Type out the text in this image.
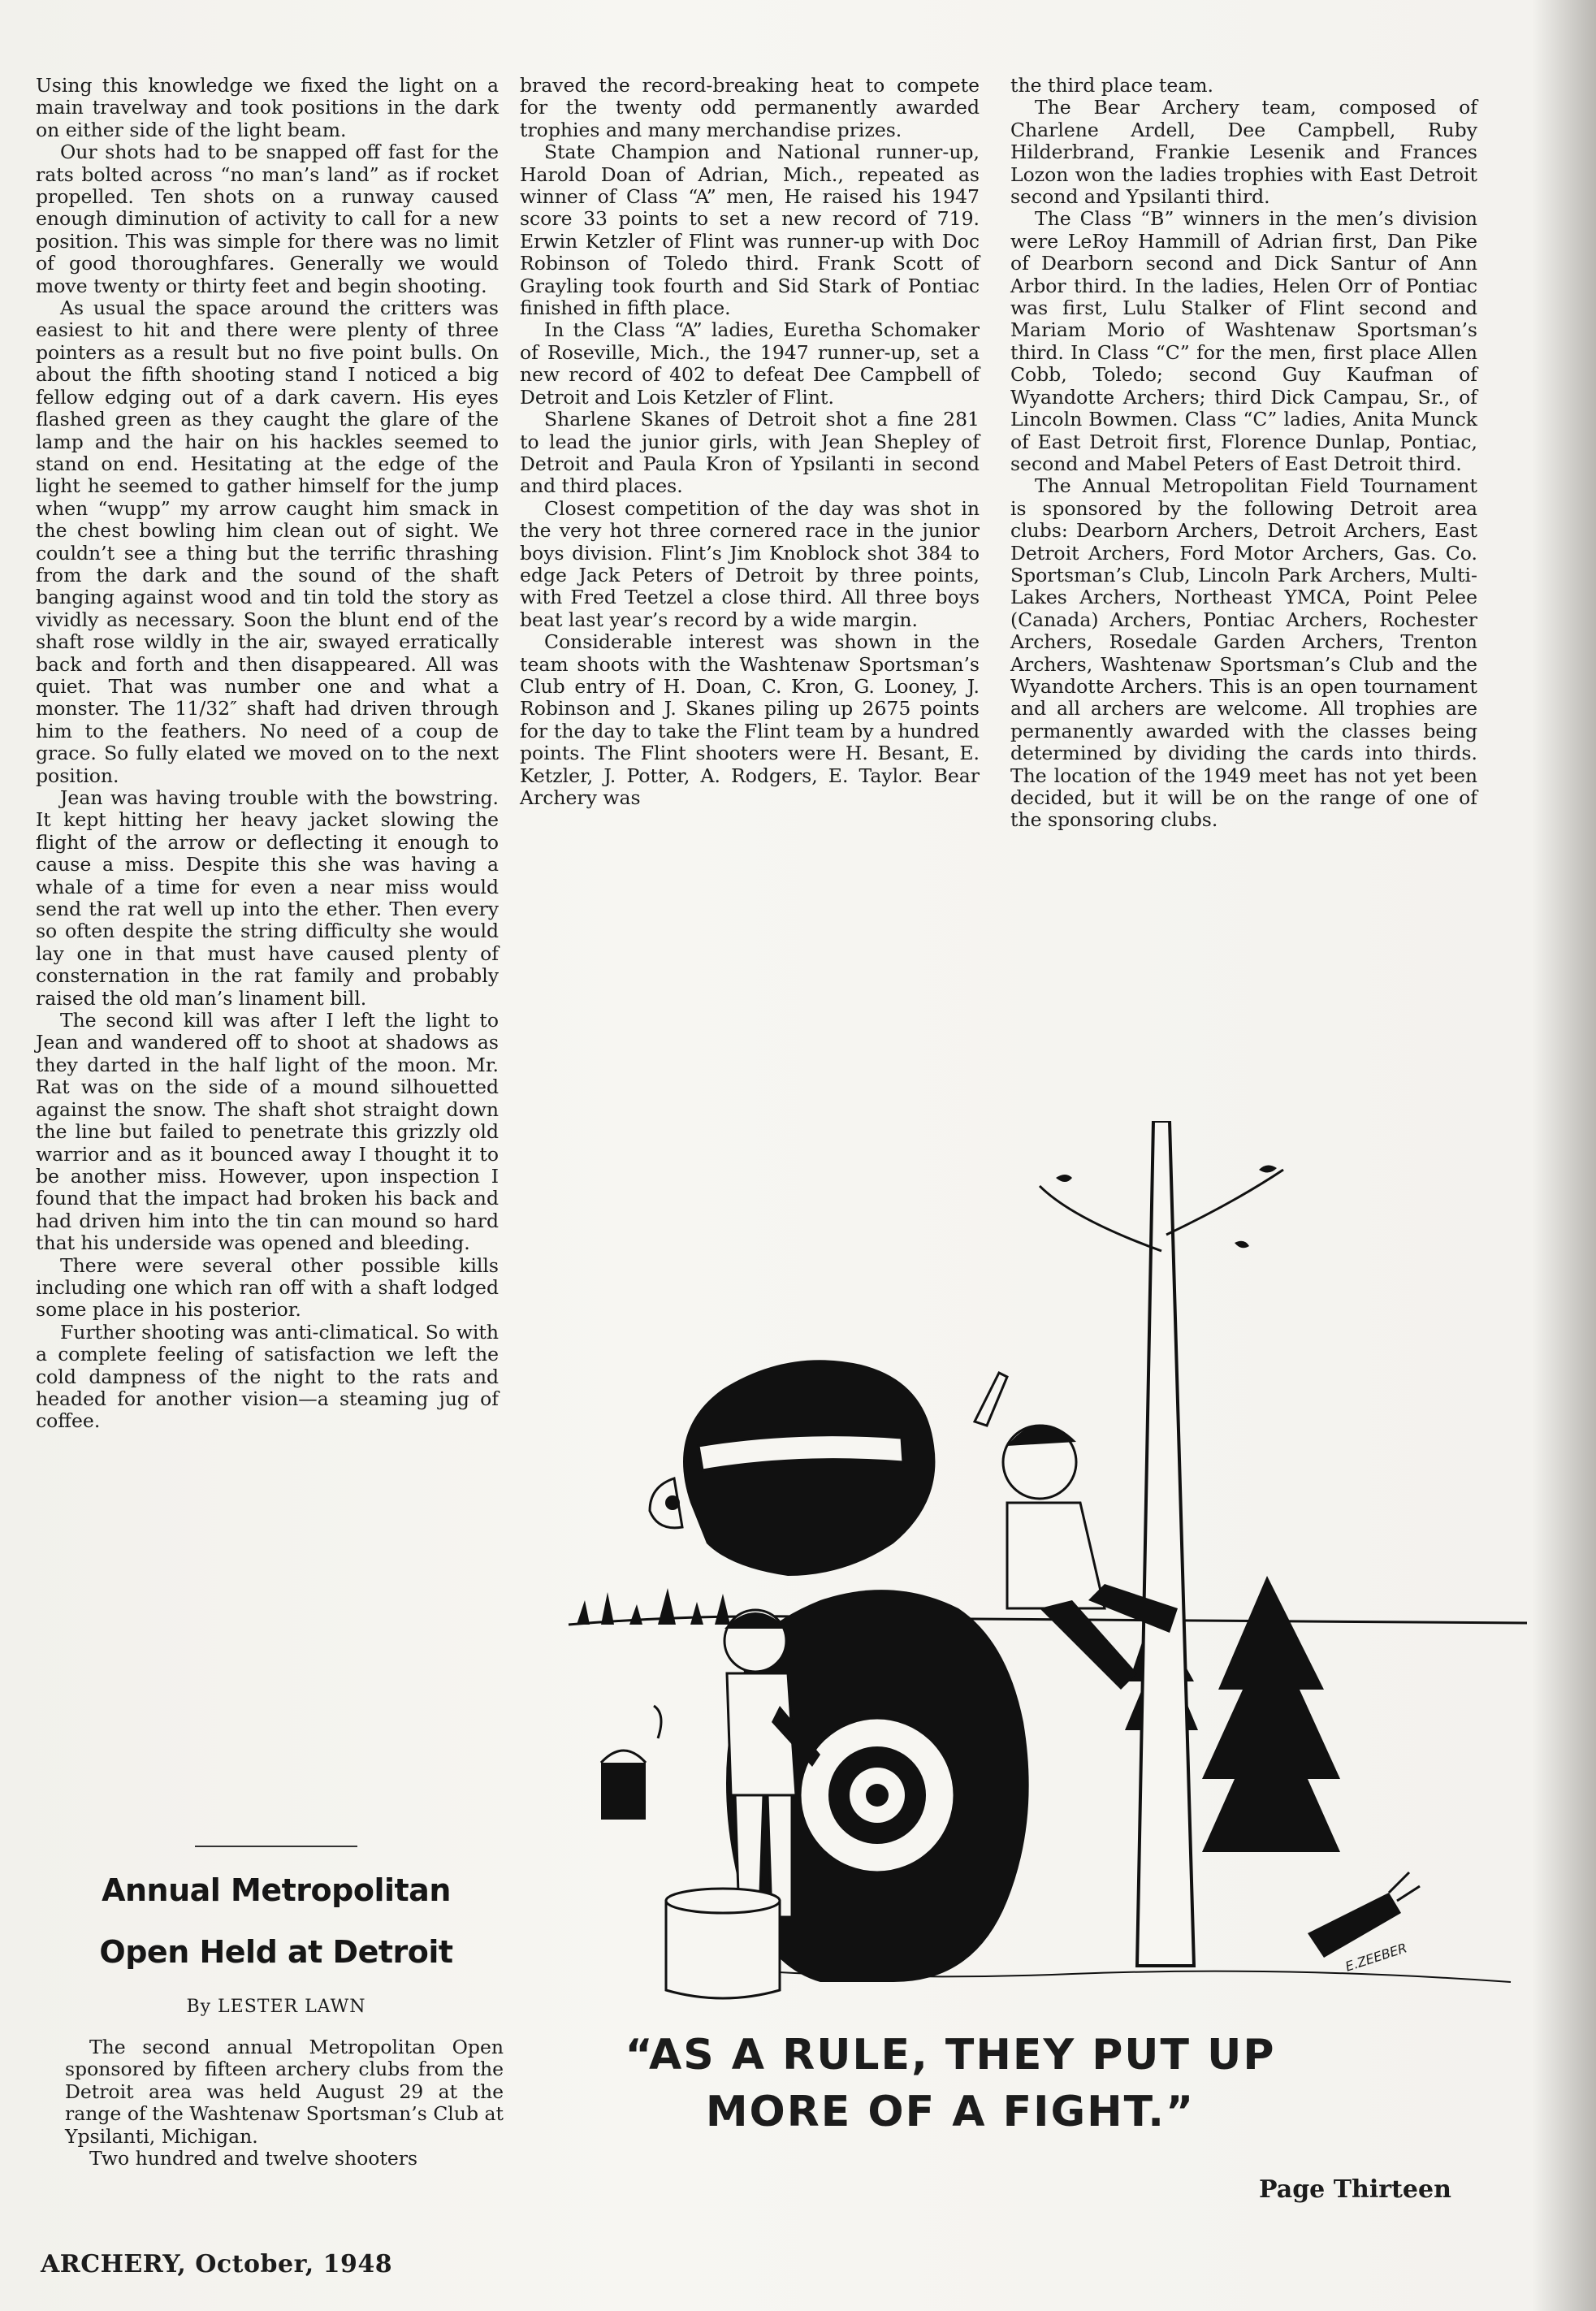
Using this knowledge we fixed the light on a main travelway and took positions in the dark on either side of the light beam.

Our shots had to be snapped off fast for the rats bolted across “no man’s land” as if rocket propelled. Ten shots on a runway caused enough diminution of activity to call for a new position. This was simple for there was no limit of good thoroughfares. Generally we would move twenty or thirty feet and begin shooting.

As usual the space around the critters was easiest to hit and there were plenty of three pointers as a result but no five point bulls. On about the fifth shooting stand I noticed a big fellow edging out of a dark cavern. His eyes flashed green as they caught the glare of the lamp and the hair on his hackles seemed to stand on end. Hesitating at the edge of the light he seemed to gather himself for the jump when “wupp” my arrow caught him smack in the chest bowling him clean out of sight. We couldn’t see a thing but the terrific thrashing from the dark and the sound of the shaft banging against wood and tin told the story as vividly as necessary. Soon the blunt end of the shaft rose wildly in the air, swayed erratically back and forth and then disappeared. All was quiet. That was number one and what a monster. The 11/32″ shaft had driven through him to the feathers. No need of a coup de grace. So fully elated we moved on to the next position.

Jean was having trouble with the bowstring. It kept hitting her heavy jacket slowing the flight of the arrow or deflecting it enough to cause a miss. Despite this she was having a whale of a time for even a near miss would send the rat well up into the ether. Then every so often despite the string difficulty she would lay one in that must have caused plenty of consternation in the rat family and probably raised the old man’s linament bill.

The second kill was after I left the light to Jean and wandered off to shoot at shadows as they darted in the half light of the moon. Mr. Rat was on the side of a mound silhouetted against the snow. The shaft shot straight down the line but failed to penetrate this grizzly old warrior and as it bounced away I thought it to be another miss. However, upon inspection I found that the impact had broken his back and had driven him into the tin can mound so hard that his underside was opened and bleeding.

There were several other possible kills including one which ran off with a shaft lodged some place in his posterior.

Further shooting was anti-climatical. So with a complete feeling of satisfaction we left the cold dampness of the night to the rats and headed for another vision—a steaming jug of coffee.

braved the record-breaking heat to compete for the twenty odd permanently awarded trophies and many merchandise prizes.

State Champion and National runner-up, Harold Doan of Adrian, Mich., repeated as winner of Class “A” men, He raised his 1947 score 33 points to set a new record of 719. Erwin Ketzler of Flint was runner-up with Doc Robinson of Toledo third. Frank Scott of Grayling took fourth and Sid Stark of Pontiac finished in fifth place.

In the Class “A” ladies, Euretha Schomaker of Roseville, Mich., the 1947 runner-up, set a new record of 402 to defeat Dee Campbell of Detroit and Lois Ketzler of Flint.

Sharlene Skanes of Detroit shot a fine 281 to lead the junior girls, with Jean Shepley of Detroit and Paula Kron of Ypsilanti in second and third places.

Closest competition of the day was shot in the very hot three cornered race in the junior boys division. Flint’s Jim Knoblock shot 384 to edge Jack Peters of Detroit by three points, with Fred Teetzel a close third. All three boys beat last year’s record by a wide margin.

Considerable interest was shown in the team shoots with the Washtenaw Sportsman’s Club entry of H. Doan, C. Kron, G. Looney, J. Robinson and J. Skanes piling up 2675 points for the day to take the Flint team by a hundred points. The Flint shooters were H. Besant, E. Ketzler, J. Potter, A. Rodgers, E. Taylor. Bear Archery was

the third place team.

The Bear Archery team, composed of Charlene Ardell, Dee Campbell, Ruby Hilderbrand, Frankie Lesenik and Frances Lozon won the ladies trophies with East Detroit second and Ypsilanti third.

The Class “B” winners in the men’s division were LeRoy Hammill of Adrian first, Dan Pike of Dearborn second and Dick Santur of Ann Arbor third. In the ladies, Helen Orr of Pontiac was first, Lulu Stalker of Flint second and Mariam Morio of Washtenaw Sportsman’s third. In Class “C” for the men, first place Allen Cobb, Toledo; second Guy Kaufman of Wyandotte Archers; third Dick Campau, Sr., of Lincoln Bowmen. Class “C” ladies, Anita Munck of East Detroit first, Florence Dunlap, Pontiac, second and Mabel Peters of East Detroit third.

The Annual Metropolitan Field Tournament is sponsored by the following Detroit area clubs: Dearborn Archers, Detroit Archers, East Detroit Archers, Ford Motor Archers, Gas. Co. Sportsman’s Club, Lincoln Park Archers, Multi-Lakes Archers, Northeast YMCA, Point Pelee (Canada) Archers, Pontiac Archers, Rochester Archers, Rosedale Garden Archers, Trenton Archers, Washtenaw Sportsman’s Club and the Wyandotte Archers. This is an open tournament and all archers are welcome. All trophies are permanently awarded with the classes being determined by dividing the cards into thirds. The location of the 1949 meet has not yet been decided, but it will be on the range of one of the sponsoring clubs.

Annual Metropolitan
Open Held at Detroit
By LESTER LAWN

The second annual Metropolitan Open sponsored by fifteen archery clubs from the Detroit area was held August 29 at the range of the Washtenaw Sportsman’s Club at Ypsilanti, Michigan.

Two hundred and twelve shooters

E.ZEEBER
“AS A RULE, THEY PUT UP
MORE OF A FIGHT.”
ARCHERY, October, 1948
Page Thirteen
